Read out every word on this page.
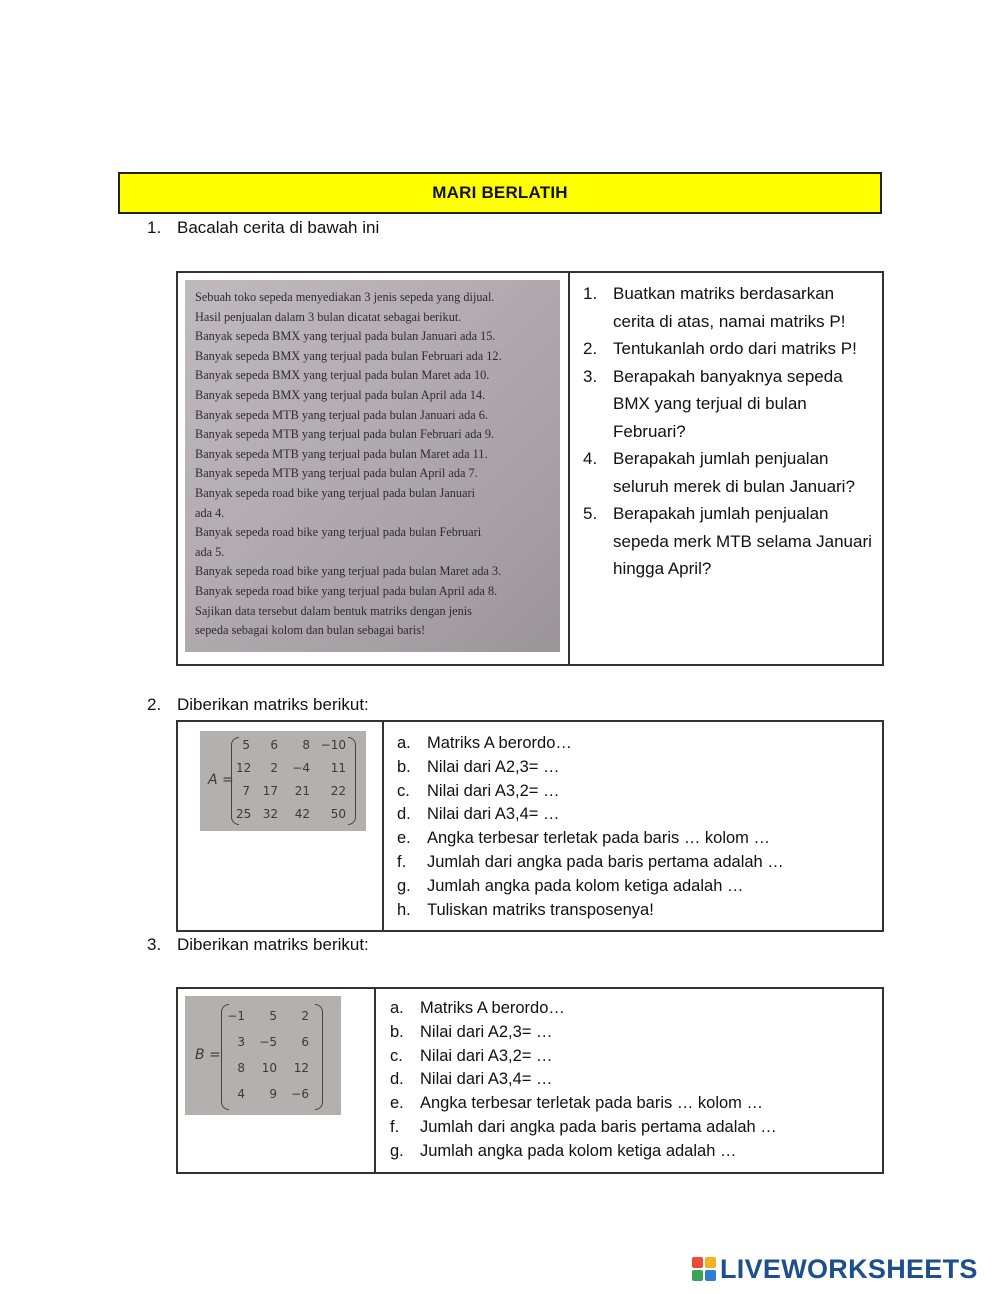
MARI BERLATIH
1. Bacalah cerita di bawah ini
Sebuah toko sepeda menyediakan 3 jenis sepeda yang dijual.
Hasil penjualan dalam 3 bulan dicatat sebagai berikut.
Banyak sepeda BMX yang terjual pada bulan Januari ada 15.
Banyak sepeda BMX yang terjual pada bulan Februari ada 12.
Banyak sepeda BMX yang terjual pada bulan Maret ada 10.
Banyak sepeda BMX yang terjual pada bulan April ada 14.
Banyak sepeda MTB yang terjual pada bulan Januari ada 6.
Banyak sepeda MTB yang terjual pada bulan Februari ada 9.
Banyak sepeda MTB yang terjual pada bulan Maret ada 11.
Banyak sepeda MTB yang terjual pada bulan April ada 7.
Banyak sepeda road bike yang terjual pada bulan Januari
ada 4.
Banyak sepeda road bike yang terjual pada bulan Februari
ada 5.
Banyak sepeda road bike yang terjual pada bulan Maret ada 3.
Banyak sepeda road bike yang terjual pada bulan April ada 8.
Sajikan data tersebut dalam bentuk matriks dengan jenis
sepeda sebagai kolom dan bulan sebagai baris!
1. Buatkan matriks berdasarkan cerita di atas, namai matriks P!
2. Tentukanlah ordo dari matriks P!
3. Berapakah banyaknya sepeda BMX yang terjual di bulan Februari?
4. Berapakah jumlah penjualan seluruh merek di bulan Januari?
5. Berapakah jumlah penjualan sepeda merk MTB selama Januari hingga April?
2. Diberikan matriks berikut:
A =
5	6	8 −10
12	2	−4	11
7	17	21	22
25 32	42	50
a. Matriks A berordo…
b. Nilai dari A2,3= …
c.	Nilai dari A3,2= …
d. Nilai dari A3,4= …
e. Angka terbesar terletak pada baris … kolom …
f.	Jumlah dari angka pada baris pertama adalah …
g. Jumlah angka pada kolom ketiga adalah …
h. Tuliskan matriks transposenya!
3. Diberikan matriks berikut:
B =
−1	5	2
3	−5	6
8	10	12
4	9	−6
a. Matriks A berordo…
b. Nilai dari A2,3= …
c.	Nilai dari A3,2= …
d. Nilai dari A3,4= …
e. Angka terbesar terletak pada baris … kolom …
f.	Jumlah dari angka pada baris pertama adalah …
g. Jumlah angka pada kolom ketiga adalah …
LIVEWORKSHEETS
